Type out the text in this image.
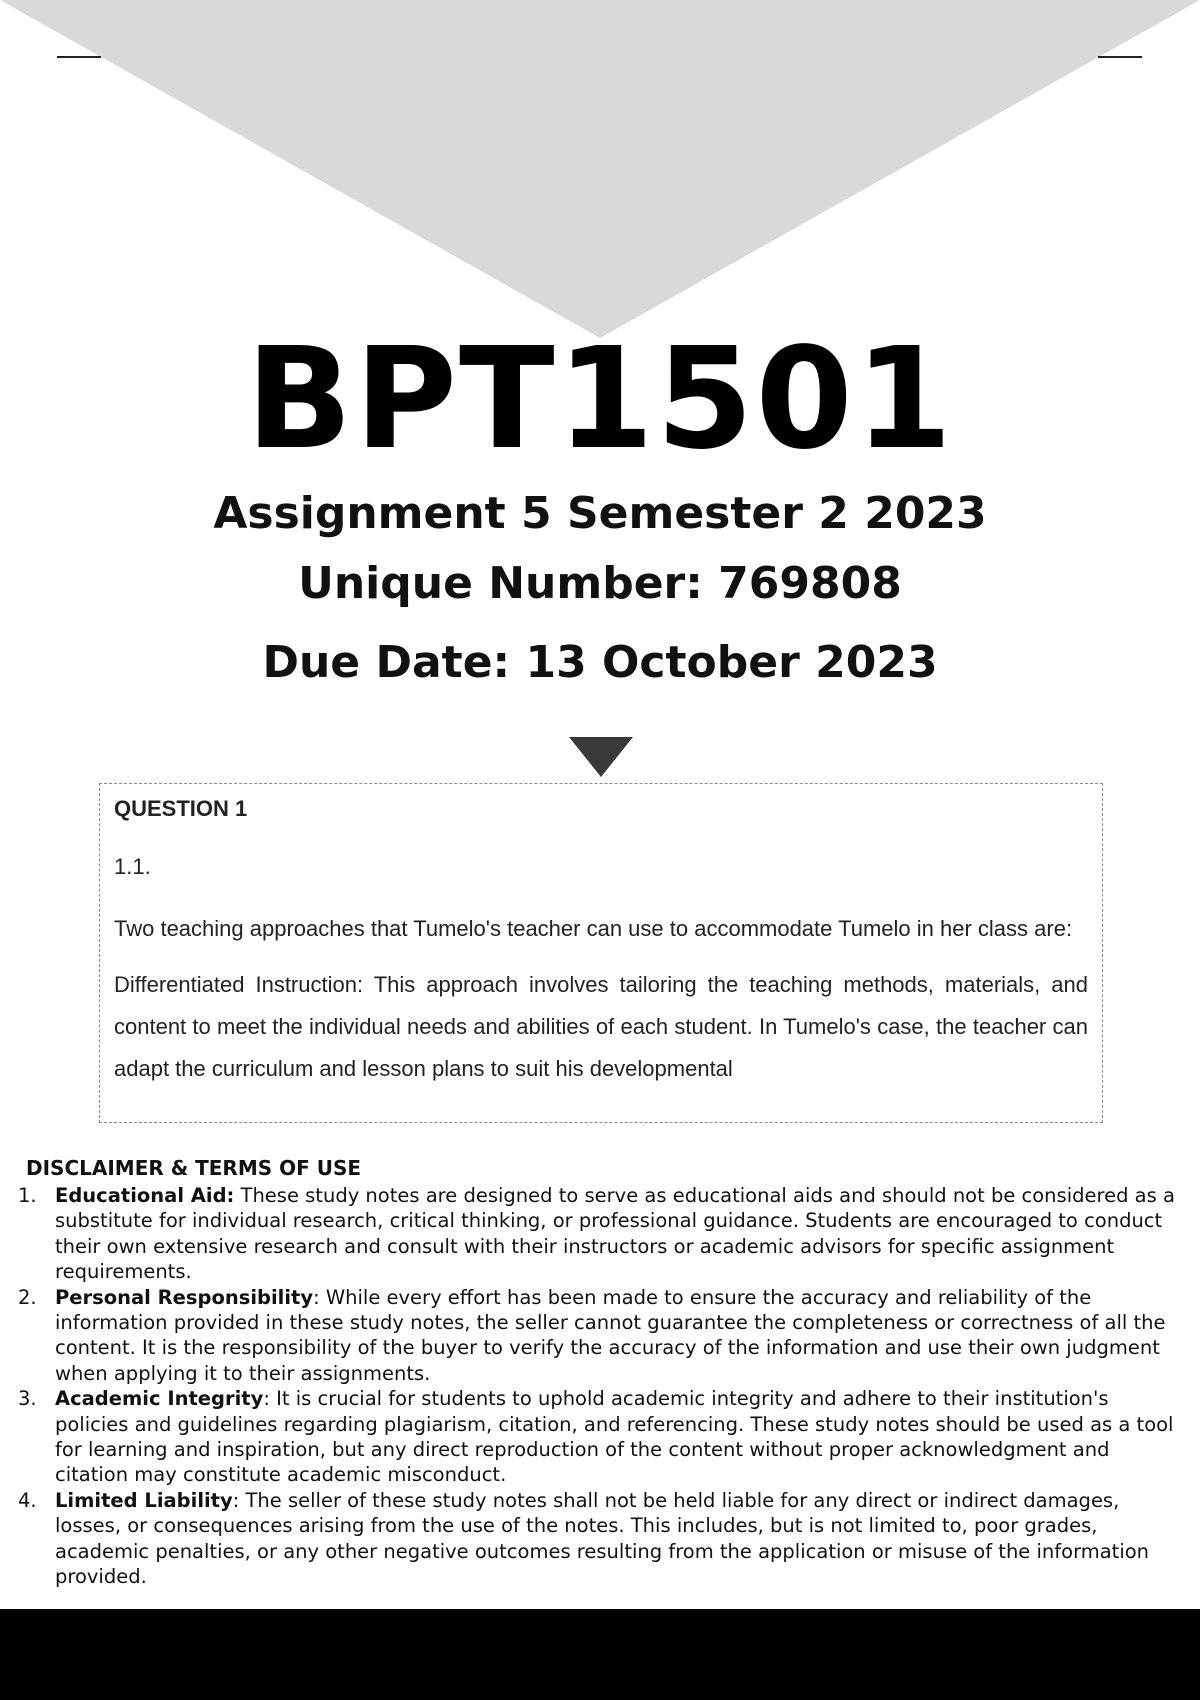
BPT1501
Assignment 5 Semester 2 2023
Unique Number: 769808
Due Date: 13 October 2023
QUESTION 1
1.1.

Two teaching approaches that Tumelo's teacher can use to accommodate Tumelo in her class are:

Differentiated Instruction: This approach involves tailoring the teaching methods, materials, and content to meet the individual needs and abilities of each student. In Tumelo's case, the teacher can adapt the curriculum and lesson plans to suit his developmental

DISCLAIMER & TERMS OF USE
1. Educational Aid: These study notes are designed to serve as educational aids and should not be considered as a substitute for individual research, critical thinking, or professional guidance. Students are encouraged to conduct their own extensive research and consult with their instructors or academic advisors for specific assignment requirements.
2. Personal Responsibility: While every effort has been made to ensure the accuracy and reliability of the information provided in these study notes, the seller cannot guarantee the completeness or correctness of all the content. It is the responsibility of the buyer to verify the accuracy of the information and use their own judgment when applying it to their assignments.
3. Academic Integrity: It is crucial for students to uphold academic integrity and adhere to their institution's policies and guidelines regarding plagiarism, citation, and referencing. These study notes should be used as a tool for learning and inspiration, but any direct reproduction of the content without proper acknowledgment and citation may constitute academic misconduct.
4. Limited Liability: The seller of these study notes shall not be held liable for any direct or indirect damages, losses, or consequences arising from the use of the notes. This includes, but is not limited to, poor grades, academic penalties, or any other negative outcomes resulting from the application or misuse of the information provided.
